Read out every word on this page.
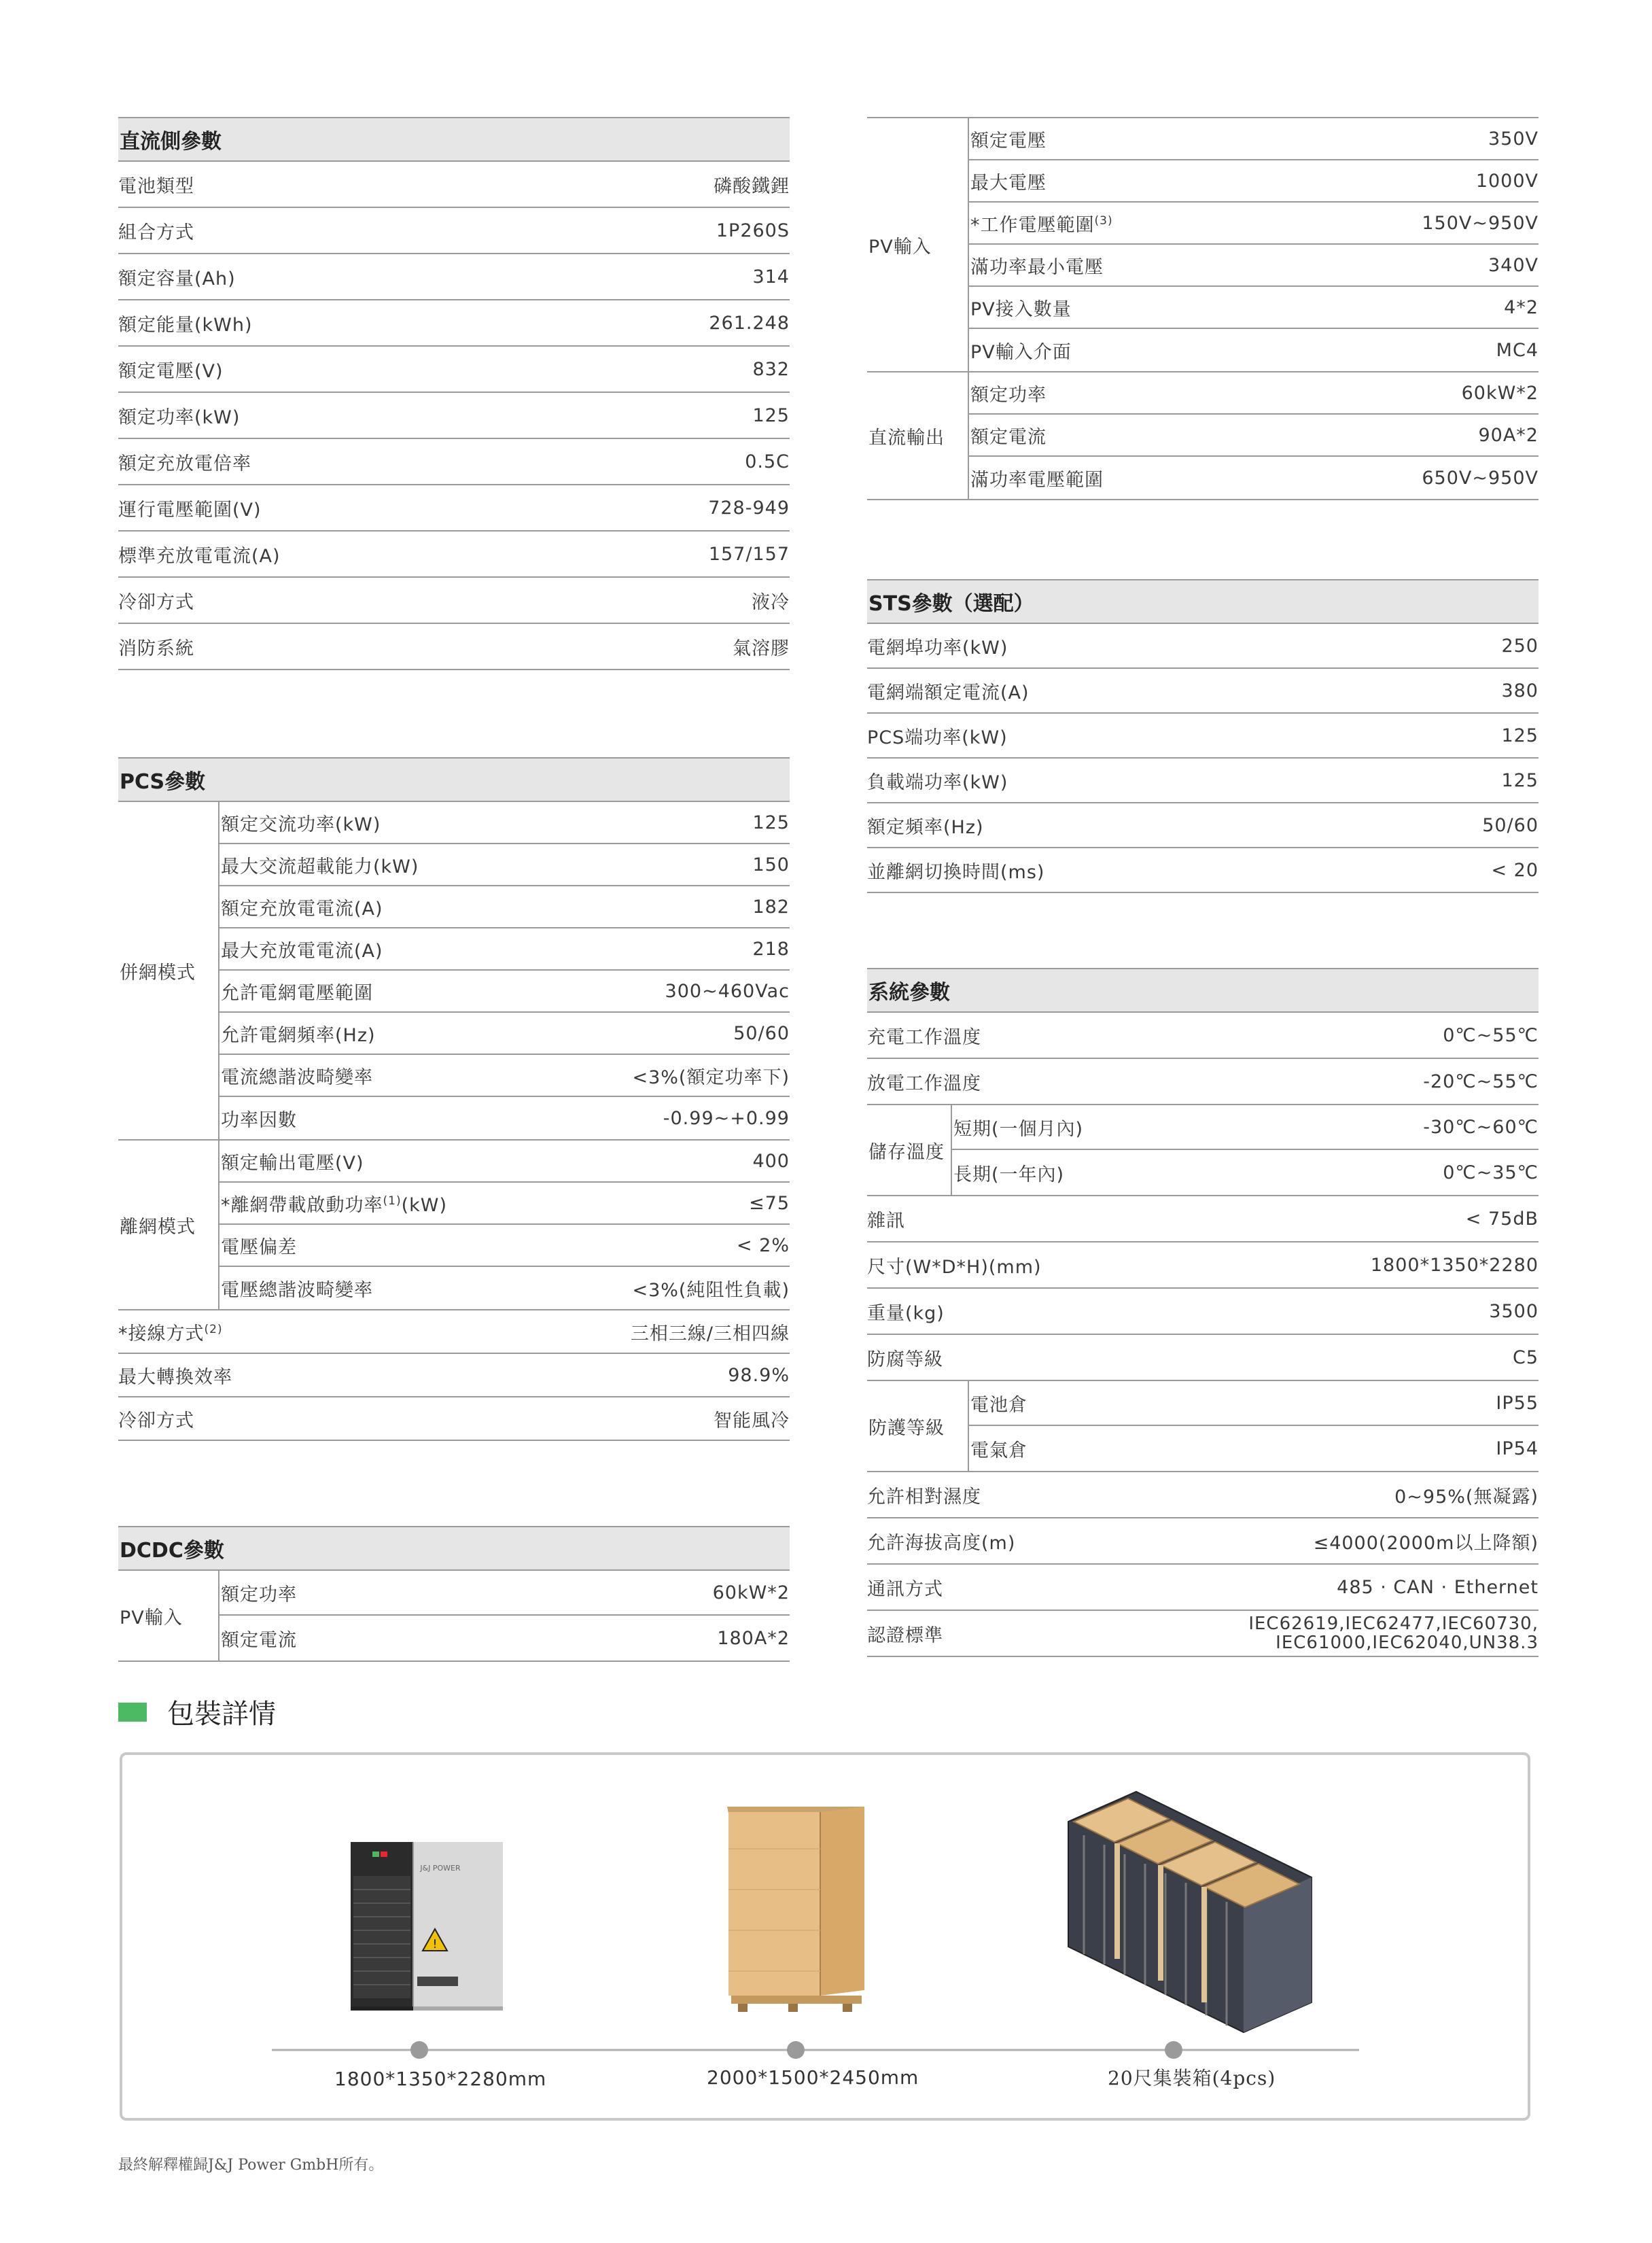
直流側參數
電池類型	磷酸鐵鋰
組合方式	1P260S
額定容量(Ah)	314
額定能量(kWh)	261.248
額定電壓(V)	832
額定功率(kW)	125
額定充放電倍率	0.5C
運行電壓範圍(V)	728-949
標準充放電電流(A)	157/157
冷卻方式	液冷
消防系統	氣溶膠
PCS參數
併網模式
額定交流功率(kW)	125
最大交流超載能力(kW)	150
額定充放電電流(A)	182
最大充放電電流(A)	218
允許電網電壓範圍	300~460Vac
允許電網頻率(Hz)	50/60
電流總諧波畸變率	<3%(額定功率下)
功率因數	-0.99~+0.99
離網模式
額定輸出電壓(V)	400
*離網帶載啟動功率$^{(1)}$(kW)	≤75
電壓偏差	< 2%
電壓總諧波畸變率	<3%(純阻性負載)
*接線方式$^{(2)}$	三相三線/三相四線
最大轉換效率	98.9%
冷卻方式	智能風冷
DCDC參數
PV輸入
額定功率	60kW*2
額定電流	180A*2
PV輸入
額定電壓	350V
最大電壓	1000V
*工作電壓範圍$^{(3)}$	150V~950V
滿功率最小電壓	340V
PV接入數量	4*2
PV輸入介面	MC4
直流輸出
額定功率	60kW*2
額定電流	90A*2
滿功率電壓範圍	650V~950V
STS參數（選配）
電網埠功率(kW)	250
電網端額定電流(A)	380
PCS端功率(kW)	125
負載端功率(kW)	125
額定頻率(Hz)	50/60
並離網切換時間(ms)	< 20
系統參數
充電工作溫度	0℃~55℃
放電工作溫度	-20℃~55℃
儲存溫度
短期(一個月內)	-30℃~60℃
長期(一年內)	0℃~35℃
雜訊	< 75dB
尺寸(W*D*H)(mm)	1800*1350*2280
重量(kg)	3500
防腐等級	C5
防護等級
電池倉	IP55
電氣倉	IP54
允許相對濕度	0~95%(無凝露)
允許海拔高度(m)	≤4000(2000m以上降額)
通訊方式	485 · CAN · Ethernet
認證標準
IEC62619,IEC62477,IEC60730,
IEC61000,IEC62040,UN38.3
包裝詳情
!
J&J POWER
1800*1350*2280mm	2000*1500*2450mm	20尺集裝箱(4pcs)
最終解釋權歸J&J Power GmbH所有。
